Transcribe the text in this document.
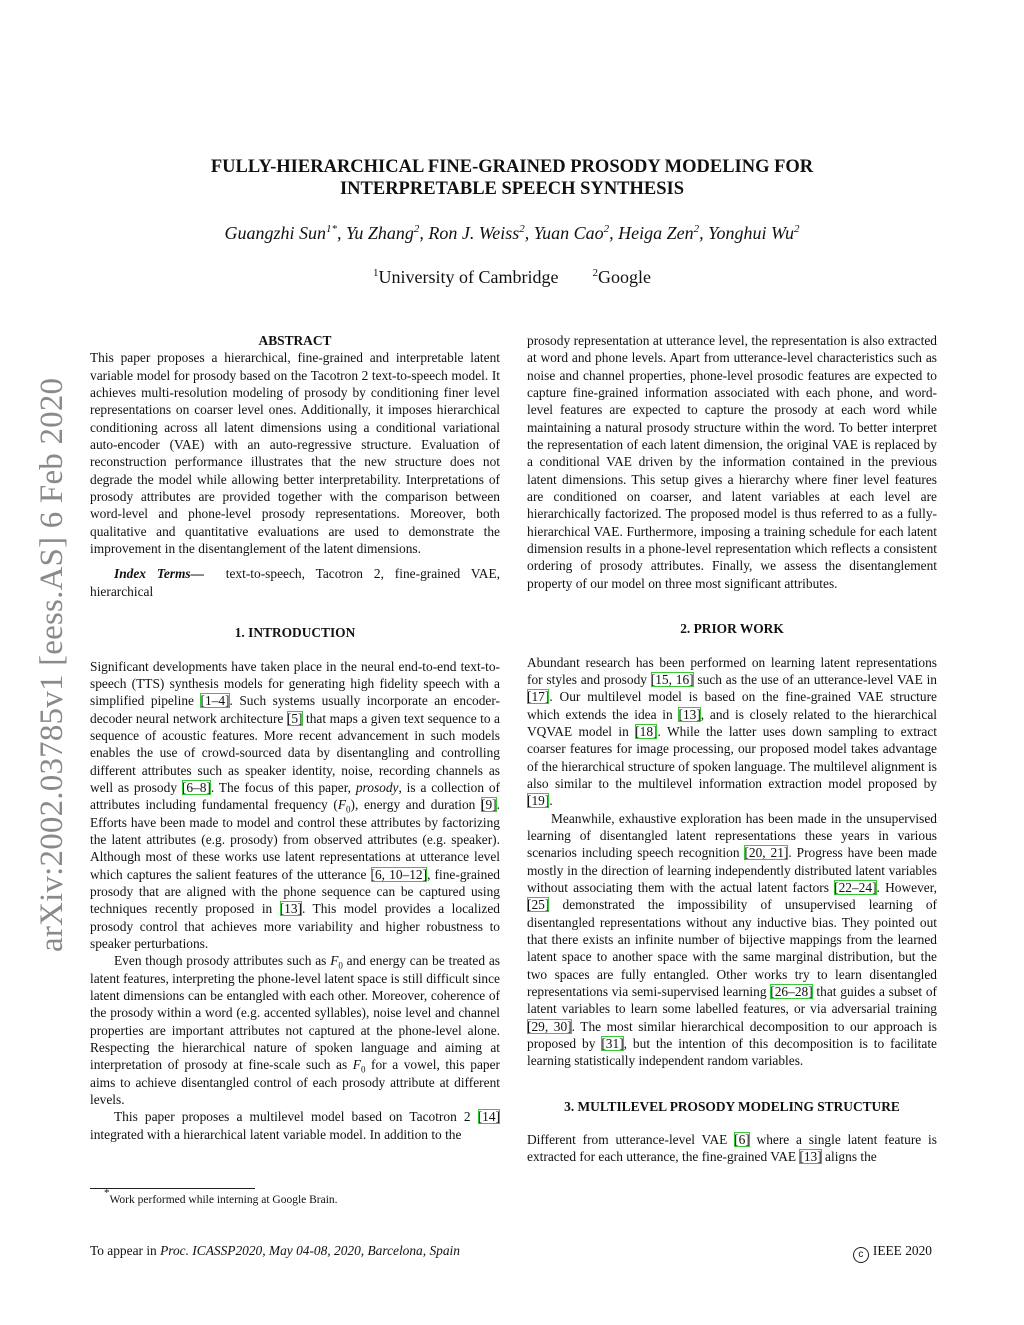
arXiv:2002.03785v1 [eess.AS] 6 Feb 2020
FULLY-HIERARCHICAL FINE-GRAINED PROSODY MODELING FOR
INTERPRETABLE SPEECH SYNTHESIS
Guangzhi Sun$^{1*}$, Yu Zhang$^2$, Ron J. Weiss$^2$, Yuan Cao$^2$, Heiga Zen$^2$, Yonghui Wu$^2$
$^1$University of Cambridge	$^2$Google
ABSTRACT

This paper proposes a hierarchical, fine-grained and interpretable latent variable model for prosody based on the Tacotron 2 text-to-speech model. It achieves multi-resolution modeling of prosody by conditioning finer level representations on coarser level ones. Additionally, it imposes hierarchical conditioning across all latent dimensions using a conditional variational auto-encoder (VAE) with an auto-regressive structure. Evaluation of reconstruction performance illustrates that the new structure does not degrade the model while allowing better interpretability. Interpretations of prosody attributes are provided together with the comparison between word-level and phone-level prosody representations. Moreover, both qualitative and quantitative evaluations are used to demonstrate the improvement in the disentanglement of the latent dimensions.

Index Terms— text-to-speech, Tacotron 2, fine-grained VAE, hierarchical

1. INTRODUCTION

Significant developments have taken place in the neural end-to-end text-to-speech (TTS) synthesis models for generating high fidelity speech with a simplified pipeline [1–4]. Such systems usually incorporate an encoder-decoder neural network architecture [5] that maps a given text sequence to a sequence of acoustic features. More recent advancement in such models enables the use of crowd-sourced data by disentangling and controlling different attributes such as speaker identity, noise, recording channels as well as prosody [6–8]. The focus of this paper, prosody, is a collection of attributes including fundamental frequency $(F_0)$, energy and duration [9]. Efforts have been made to model and control these attributes by factorizing the latent attributes (e.g. prosody) from observed attributes (e.g. speaker). Although most of these works use latent representations at utterance level which captures the salient features of the utterance [6, 10–12], fine-grained prosody that are aligned with the phone sequence can be captured using techniques recently proposed in [13]. This model provides a localized prosody control that achieves more variability and higher robustness to speaker perturbations.

Even though prosody attributes such as $F_0$ and energy can be treated as latent features, interpreting the phone-level latent space is still difficult since latent dimensions can be entangled with each other. Moreover, coherence of the prosody within a word (e.g. accented syllables), noise level and channel properties are important attributes not captured at the phone-level alone. Respecting the hierarchical nature of spoken language and aiming at interpretation of prosody at fine-scale such as $F_0$ for a vowel, this paper aims to achieve disentangled control of each prosody attribute at different levels.

This paper proposes a multilevel model based on Tacotron 2 [14] integrated with a hierarchical latent variable model. In addition to the

prosody representation at utterance level, the representation is also extracted at word and phone levels. Apart from utterance-level characteristics such as noise and channel properties, phone-level prosodic features are expected to capture fine-grained information associated with each phone, and word-level features are expected to capture the prosody at each word while maintaining a natural prosody structure within the word. To better interpret the representation of each latent dimension, the original VAE is replaced by a conditional VAE driven by the information contained in the previous latent dimensions. This setup gives a hierarchy where finer level features are conditioned on coarser, and latent variables at each level are hierarchically factorized. The proposed model is thus referred to as a fully-hierarchical VAE. Furthermore, imposing a training schedule for each latent dimension results in a phone-level representation which reflects a consistent ordering of prosody attributes. Finally, we assess the disentanglement property of our model on three most significant attributes.

2. PRIOR WORK

Abundant research has been performed on learning latent representations for styles and prosody [15, 16] such as the use of an utterance-level VAE in [17]. Our multilevel model is based on the fine-grained VAE structure which extends the idea in [13], and is closely related to the hierarchical VQVAE model in [18]. While the latter uses down sampling to extract coarser features for image processing, our proposed model takes advantage of the hierarchical structure of spoken language. The multilevel alignment is also similar to the multilevel information extraction model proposed by [19].

Meanwhile, exhaustive exploration has been made in the unsupervised learning of disentangled latent representations these years in various scenarios including speech recognition [20, 21]. Progress have been made mostly in the direction of learning independently distributed latent variables without associating them with the actual latent factors [22–24]. However, [25] demonstrated the impossibility of unsupervised learning of disentangled representations without any inductive bias. They pointed out that there exists an infinite number of bijective mappings from the learned latent space to another space with the same marginal distribution, but the two spaces are fully entangled. Other works try to learn disentangled representations via semi-supervised learning [26–28] that guides a subset of latent variables to learn some labelled features, or via adversarial training [29, 30]. The most similar hierarchical decomposition to our approach is proposed by [31], but the intention of this decomposition is to facilitate learning statistically independent random variables.

3. MULTILEVEL PROSODY MODELING STRUCTURE

Different from utterance-level VAE [6] where a single latent feature is extracted for each utterance, the fine-grained VAE [13] aligns the

*Work performed while interning at Google Brain.
To appear in Proc. ICASSP2020, May 04-08, 2020, Barcelona, Spain	c IEEE 2020
